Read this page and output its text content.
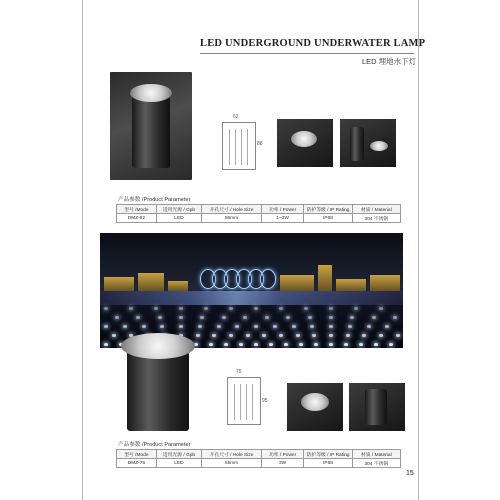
LED UNDERGROUND UNDERWATER LAMP
LED 埋地水下灯
62
88
产品参数 /Product Parameter
型号 /Mode	适用光源 / Gpb	开孔尺寸 / Hole Size	功率 / Power	防护等级 / IP Rating	材质 / Material
DMZ-62	LED	56mm	1~3W	IP68	304 不锈钢
75
95
产品参数 /Product Parameter
型号 /Mode	适用光源 / Gpb	开孔尺寸 / Hole Size	功率 / Power	防护等级 / IP Rating	材质 / Material
DMZ-75	LED	65mm	3W	IP68	304 不锈钢
15
